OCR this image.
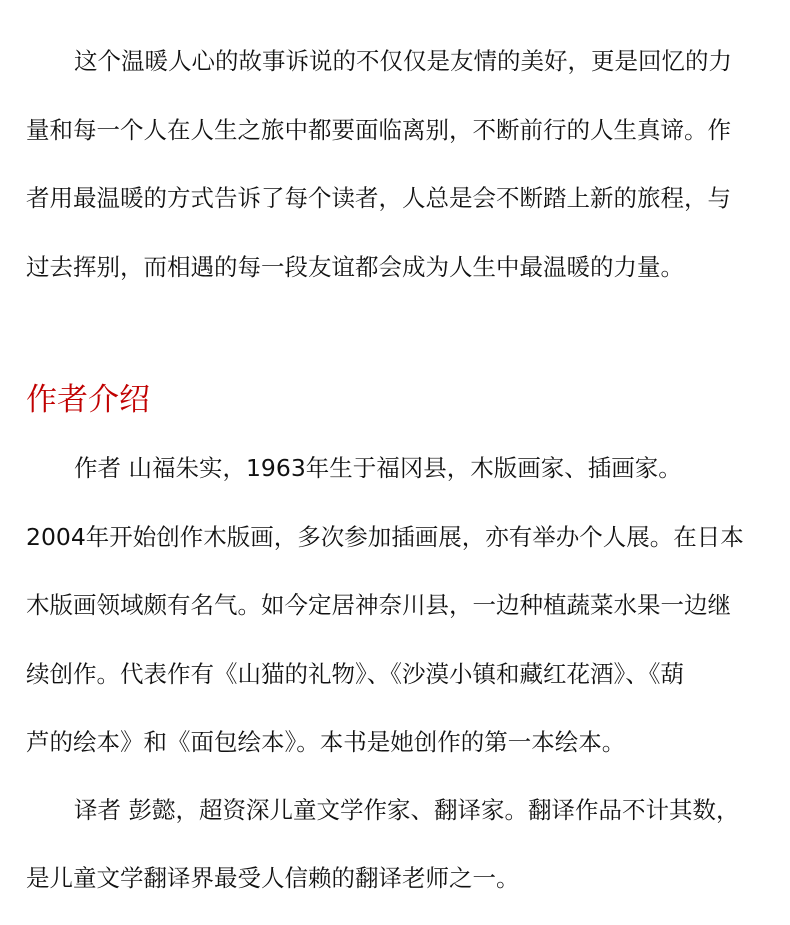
这个温暖人心的故事诉说的不仅仅是友情的美好，更是回忆的力
量和每一个人在人生之旅中都要面临离别，不断前行的人生真谛。作
者用最温暖的方式告诉了每个读者，人总是会不断踏上新的旅程，与
过去挥别，而相遇的每一段友谊都会成为人生中最温暖的力量。
作者介绍
作者 山福朱实，1963年生于福冈县，木版画家、插画家。
2004年开始创作木版画，多次参加插画展，亦有举办个人展。在日本
木版画领域颇有名气。如今定居神奈川县，一边种植蔬菜水果一边继
续创作。代表作有《山猫的礼物》、《沙漠小镇和藏红花酒》、《葫
芦的绘本》和《面包绘本》。本书是她创作的第一本绘本。
译者 彭懿，超资深儿童文学作家、翻译家。翻译作品不计其数，
是儿童文学翻译界最受人信赖的翻译老师之一。
